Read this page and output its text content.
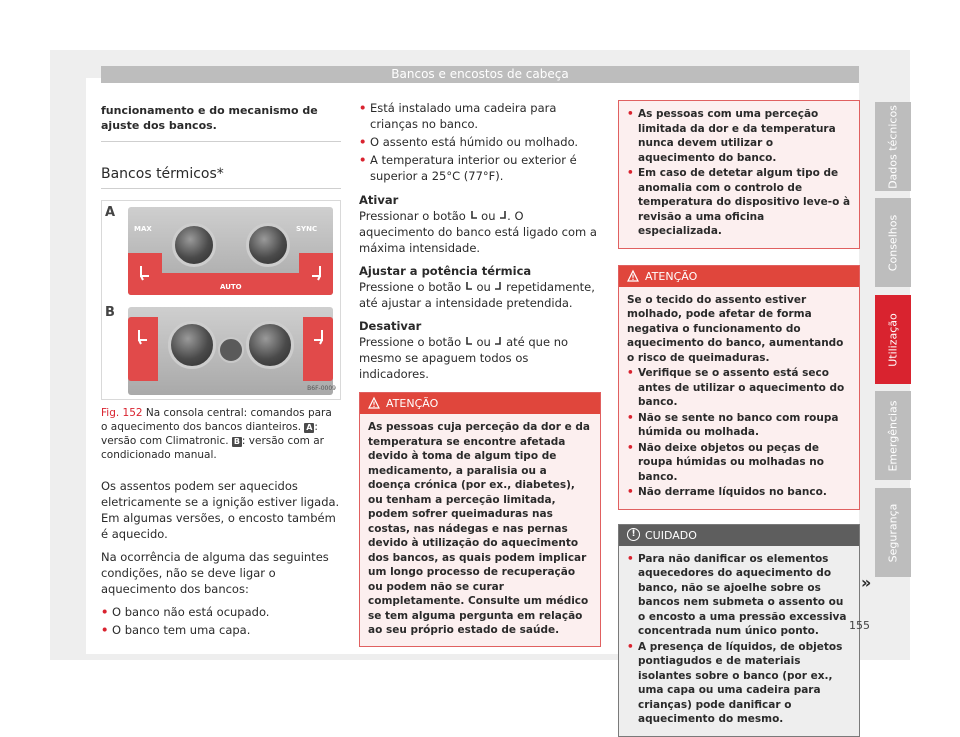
Bancos e encostos de cabeça
funcionamento e do mecanismo de ajuste dos bancos.
Bancos térmicos*
A
B
MAX	SYNC
AUTO
B6F-0009
Fig. 152 Na consola central: comandos para o aquecimento dos bancos dianteiros. A : versão com Climatronic. B : versão com ar condicionado manual.

Os assentos podem ser aquecidos eletricamente se a ignição estiver ligada. Em algumas versões, o encosto também é aquecido.

Na ocorrência de alguma das seguintes condições, não se deve ligar o aquecimento dos bancos:

• O banco não está ocupado.
• O banco tem uma capa.
• Está instalado uma cadeira para crianças no banco.
• O assento está húmido ou molhado.
• A temperatura interior ou exterior é superior a 25°C (77°F).
Ativar

Pressionar o botão  ou . O aquecimento do banco está ligado com a máxima intensidade.

Ajustar a potência térmica

Pressione o botão  ou  repetidamente, até ajustar a intensidade pretendida.

Desativar

Pressione o botão  ou  até que no mesmo se apaguem todos os indicadores.

ATENÇÃO
As pessoas cuja perceção da dor e da temperatura se encontre afetada devido à toma de algum tipo de medicamento, a paralisia ou a doença crónica (por ex., diabetes), ou tenham a perceção limitada, podem sofrer queimaduras nas costas, nas nádegas e nas pernas devido à utilização do aquecimento dos bancos, as quais podem implicar um longo processo de recuperação ou podem não se curar completamente. Consulte um médico se tem alguma pergunta em relação ao seu próprio estado de saúde.
• As pessoas com uma perceção limitada da dor e da temperatura nunca devem utilizar o aquecimento do banco.
• Em caso de detetar algum tipo de anomalia com o controlo de temperatura do dispositivo leve-o à revisão a uma oficina especializada.
ATENÇÃO
Se o tecido do assento estiver molhado, pode afetar de forma negativa o funcionamento do aquecimento do banco, aumentando o risco de queimaduras.
• Verifique se o assento está seco antes de utilizar o aquecimento do banco.
• Não se sente no banco com roupa húmida ou molhada.
• Não deixe objetos ou peças de roupa húmidas ou molhadas no banco.
• Não derrame líquidos no banco.
! CUIDADO
• Para não danificar os elementos aquecedores do aquecimento do banco, não se ajoelhe sobre os bancos nem submeta o assento ou o encosto a uma pressão excessiva concentrada num único ponto.
• A presença de líquidos, de objetos pontiagudos e de materiais isolantes sobre o banco (por ex., uma capa ou uma cadeira para crianças) pode danificar o aquecimento do mesmo.
»
Dados técnicos
Conselhos
Utilização
Emergências
Segurança
155
